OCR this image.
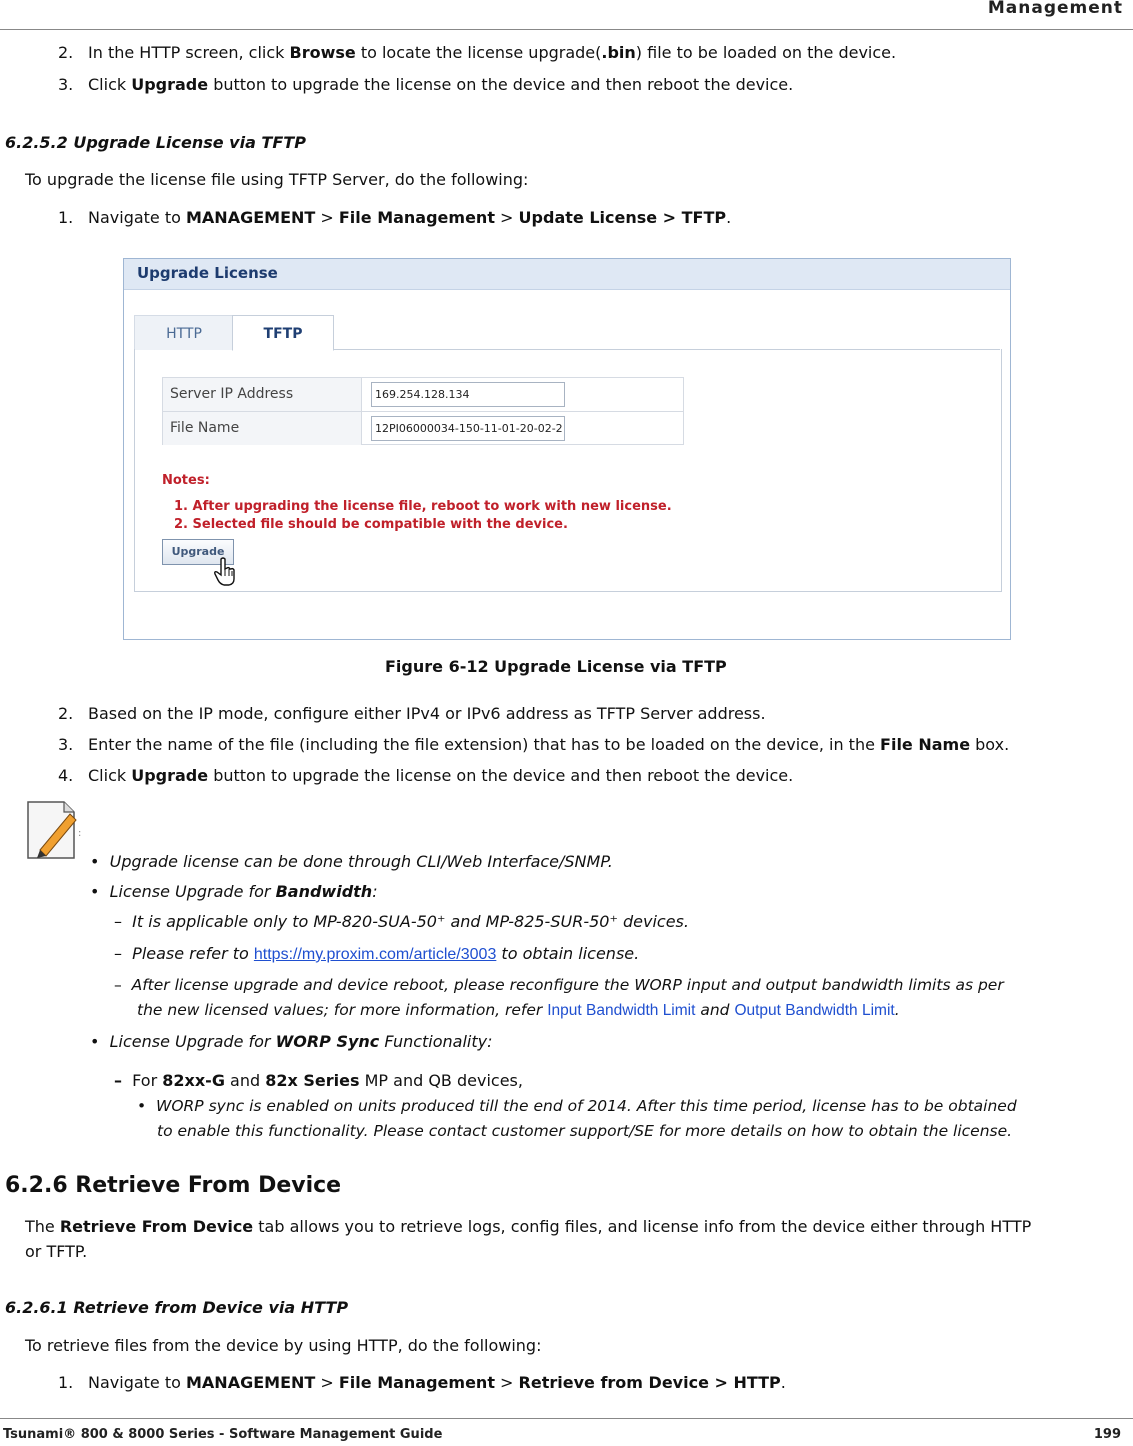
Management
2. In the HTTP screen, click Browse to locate the license upgrade(.bin) file to be loaded on the device.
3. Click Upgrade button to upgrade the license on the device and then reboot the device.
6.2.5.2 Upgrade License via TFTP
To upgrade the license file using TFTP Server, do the following:
1. Navigate to MANAGEMENT > File Management > Update License > TFTP.
Upgrade License
HTTP	TFTP
Server IP Address	169.254.128.134
File Name	12PI06000034-150-11-01-20-02-2
Notes:
1. After upgrading the license file, reboot to work with new license.
2. Selected file should be compatible with the device.
Upgrade
Figure 6-12 Upgrade License via TFTP
2. Based on the IP mode, configure either IPv4 or IPv6 address as TFTP Server address.
3. Enter the name of the file (including the file extension) that has to be loaded on the device, in the File Name box.
4. Click Upgrade button to upgrade the license on the device and then reboot the device.
:
• Upgrade license can be done through CLI/Web Interface/SNMP.
• License Upgrade for Bandwidth:
– It is applicable only to MP-820-SUA-50⁺ and MP-825-SUR-50⁺ devices.
– Please refer to https://my.proxim.com/article/3003 to obtain license.
– After license upgrade and device reboot, please reconfigure the WORP input and output bandwidth limits as per
the new licensed values; for more information, refer Input Bandwidth Limit and Output Bandwidth Limit.
• License Upgrade for WORP Sync Functionality:
– For 82xx-G and 82x Series MP and QB devices,
• WORP sync is enabled on units produced till the end of 2014. After this time period, license has to be obtained
to enable this functionality. Please contact customer support/SE for more details on how to obtain the license.
6.2.6 Retrieve From Device
The Retrieve From Device tab allows you to retrieve logs, config files, and license info from the device either through HTTP
or TFTP.
6.2.6.1 Retrieve from Device via HTTP
To retrieve files from the device by using HTTP, do the following:
1. Navigate to MANAGEMENT > File Management > Retrieve from Device > HTTP.
Tsunami® 800 & 8000 Series - Software Management Guide	199
